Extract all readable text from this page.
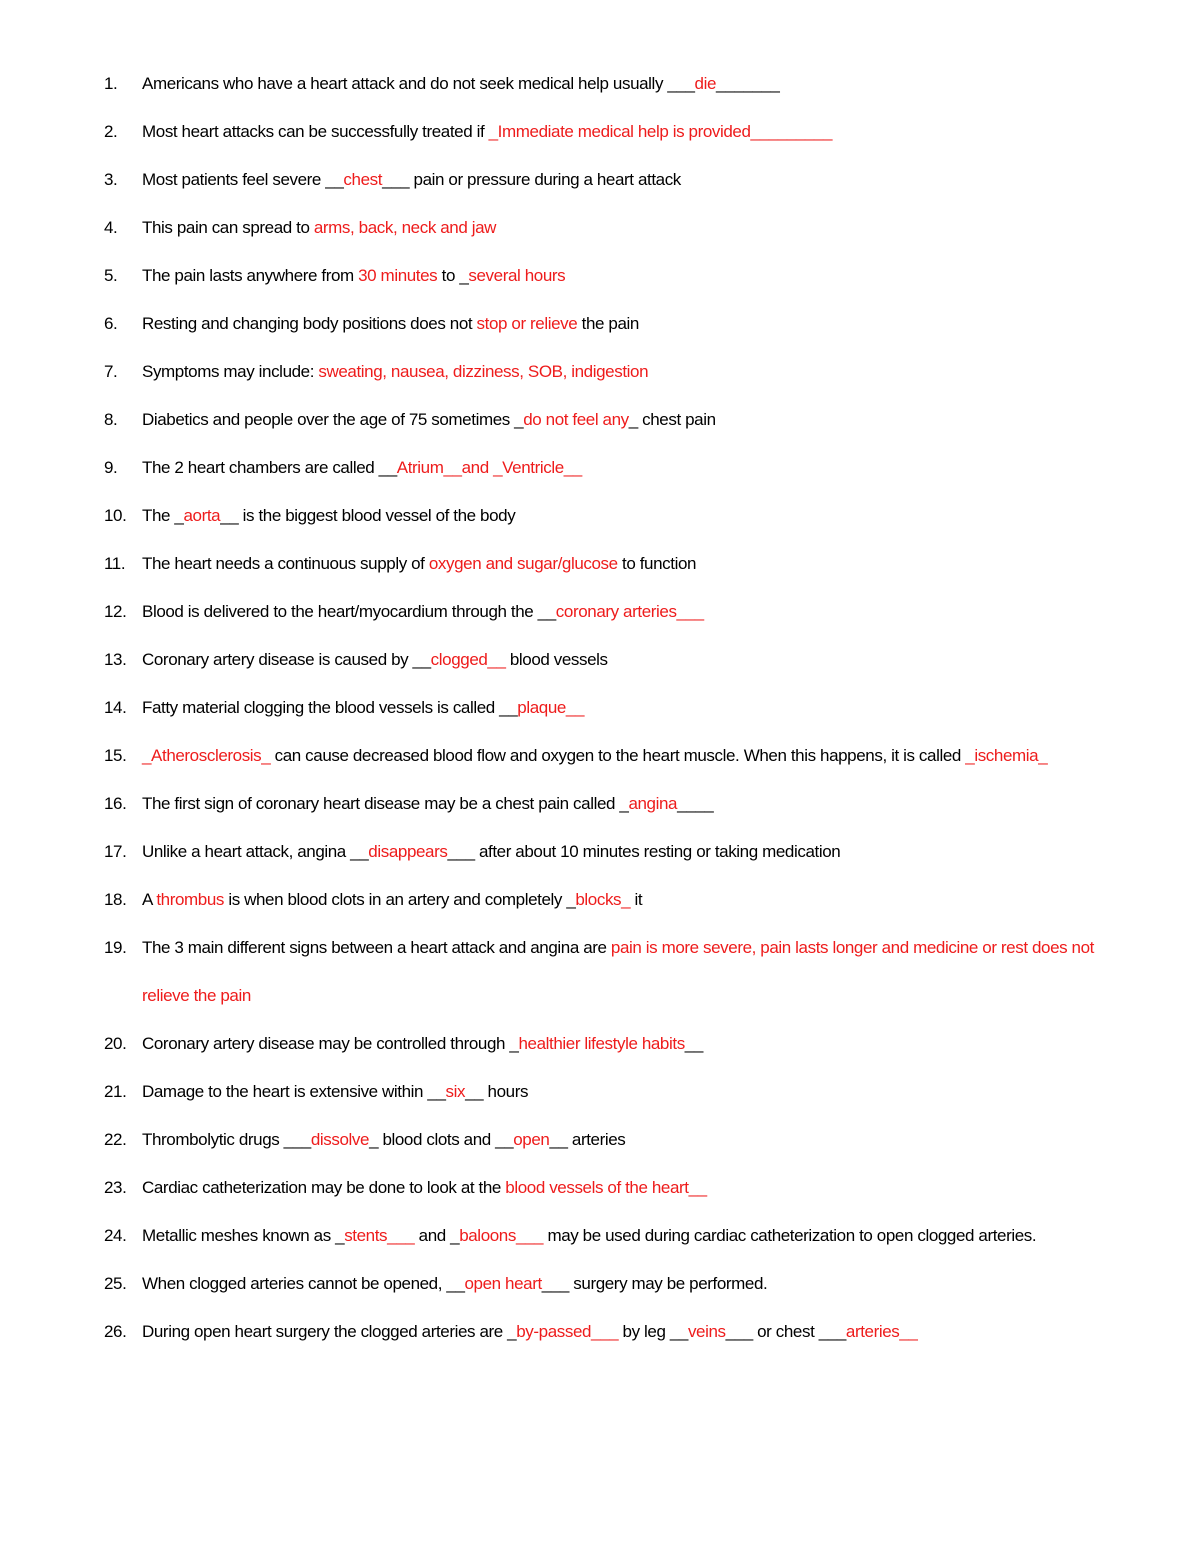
1. Americans who have a heart attack and do not seek medical help usually ___die_______
2. Most heart attacks can be successfully treated if _Immediate medical help is provided_________
3. Most patients feel severe __chest___ pain or pressure during a heart attack
4. This pain can spread to arms, back, neck and jaw
5. The pain lasts anywhere from 30 minutes to _several hours
6. Resting and changing body positions does not stop or relieve the pain
7. Symptoms may include: sweating, nausea, dizziness, SOB, indigestion
8. Diabetics and people over the age of 75 sometimes _do not feel any_ chest pain
9. The 2 heart chambers are called __Atrium__and _Ventricle__
10. The _aorta__ is the biggest blood vessel of the body
11. The heart needs a continuous supply of oxygen and sugar/glucose to function
12. Blood is delivered to the heart/myocardium through the __coronary arteries___
13. Coronary artery disease is caused by __clogged__ blood vessels
14. Fatty material clogging the blood vessels is called __plaque__
15. _Atherosclerosis_ can cause decreased blood flow and oxygen to the heart muscle. When this happens, it is called _ischemia_
16. The first sign of coronary heart disease may be a chest pain called _angina____
17. Unlike a heart attack, angina __disappears___ after about 10 minutes resting or taking medication
18. A thrombus is when blood clots in an artery and completely _blocks_ it
19. The 3 main different signs between a heart attack and angina are pain is more severe, pain lasts longer and medicine or rest does not relieve the pain
20. Coronary artery disease may be controlled through _healthier lifestyle habits__
21. Damage to the heart is extensive within __six__ hours
22. Thrombolytic drugs ___dissolve_ blood clots and __open__ arteries
23. Cardiac catheterization may be done to look at the blood vessels of the heart__
24. Metallic meshes known as _stents___ and _baloons___ may be used during cardiac catheterization to open clogged arteries.
25. When clogged arteries cannot be opened, __open heart___ surgery may be performed.
26. During open heart surgery the clogged arteries are _by-passed___ by leg __veins___ or chest ___arteries__
